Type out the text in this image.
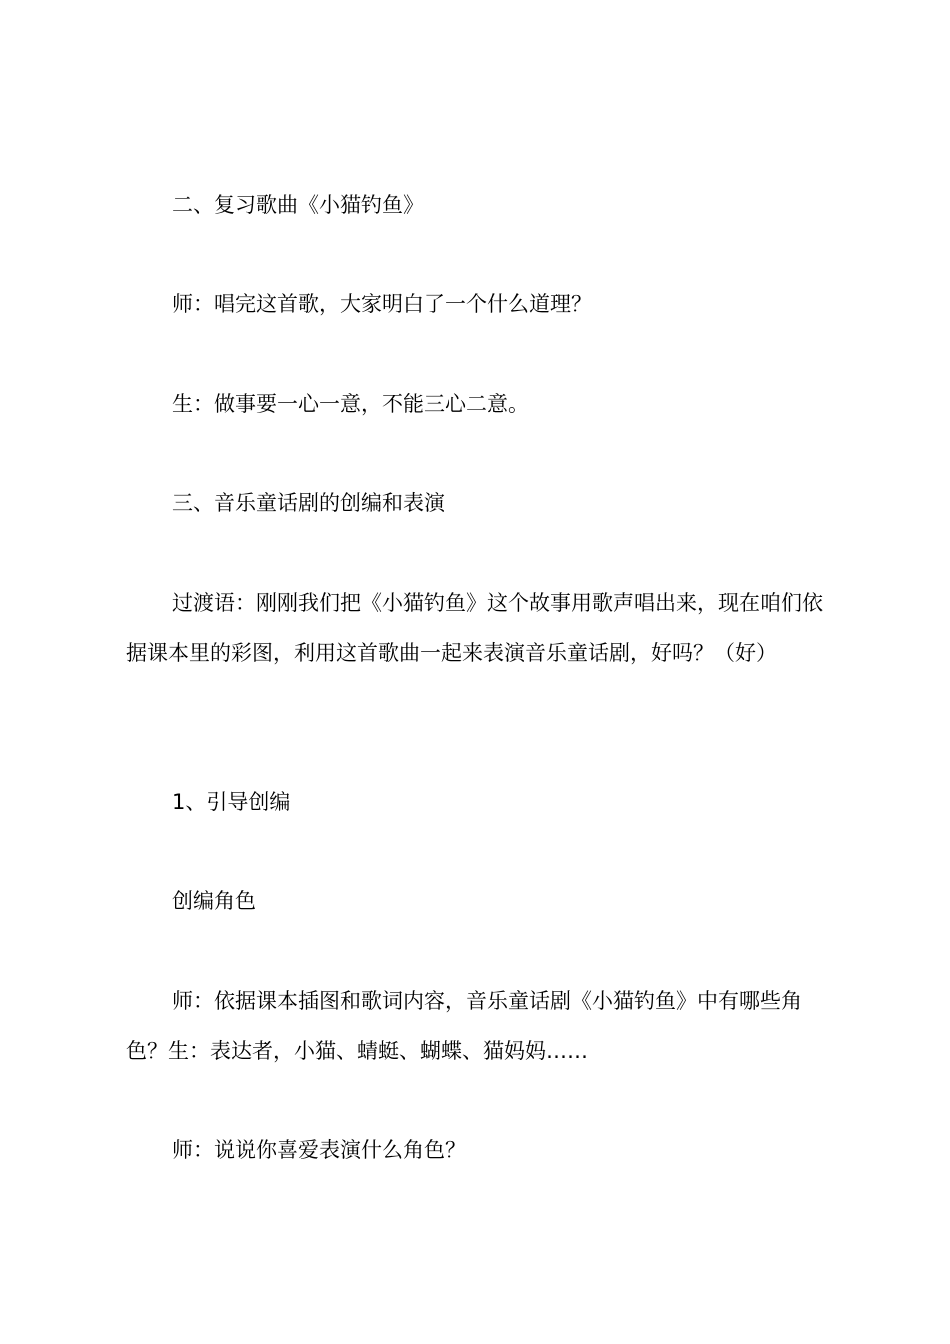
二、复习歌曲《小猫钓鱼》

师：唱完这首歌，大家明白了一个什么道理？

生：做事要一心一意，不能三心二意。

三、音乐童话剧的创编和表演

过渡语：刚刚我们把《小猫钓鱼》这个故事用歌声唱出来，现在咱们依据课本里的彩图，利用这首歌曲一起来表演音乐童话剧，好吗？（好）

1、引导创编

创编角色

师：依据课本插图和歌词内容，音乐童话剧《小猫钓鱼》中有哪些角色？生：表达者，小猫、蜻蜓、蝴蝶、猫妈妈……

师：说说你喜爱表演什么角色？
